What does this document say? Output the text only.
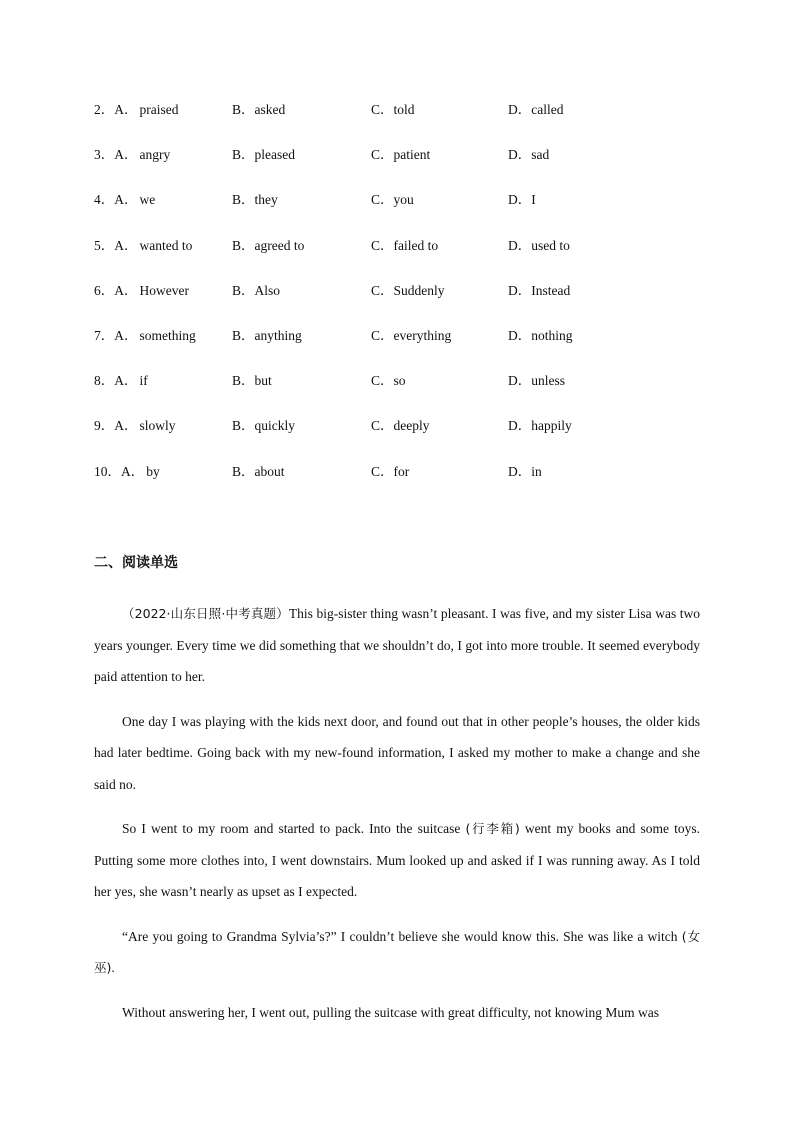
2．A． praised	B．asked	C．told	D．called
3．A． angry	B．pleased	C．patient	D．sad
4．A． we	B．they	C．you	D．I
5．A． wanted to	B．agreed to	C．failed to	D．used to
6．A． However	B．Also	C．Suddenly	D．Instead
7．A． something	B．anything	C．everything	D．nothing
8．A． if	B．but	C．so	D．unless
9．A． slowly	B．quickly	C．deeply	D．happily
10．A． by	B．about	C．for	D．in
二、阅读单选

（2022·山东日照·中考真题）This big-sister thing wasn’t pleasant. I was five, and my sister Lisa was two years younger. Every time we did something that we shouldn’t do, I got into more trouble. It seemed everybody paid attention to her.

One day I was playing with the kids next door, and found out that in other people’s houses, the older kids had later bedtime. Going back with my new-found information, I asked my mother to make a change and she said no.

So I went to my room and started to pack. Into the suitcase (行李箱) went my books and some toys. Putting some more clothes into, I went downstairs. Mum looked up and asked if I was running away. As I told her yes, she wasn’t nearly as upset as I expected.

“Are you going to Grandma Sylvia’s?” I couldn’t believe she would know this. She was like a witch (女巫).

Without answering her, I went out, pulling the suitcase with great difficulty, not knowing Mum was
